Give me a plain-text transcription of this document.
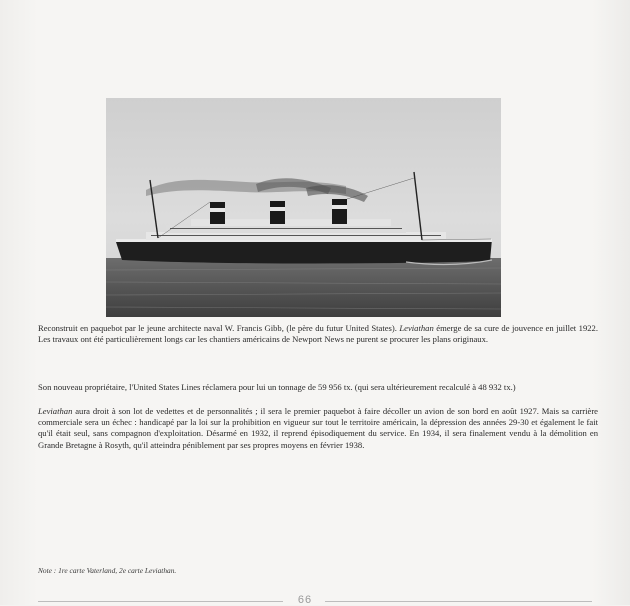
Reconstruit en paquebot par le jeune architecte naval W. Francis Gibb, (le père du futur United States). Leviathan émerge de sa cure de jouvence en juillet 1922. Les travaux ont été particulièrement longs car les chantiers américains de Newport News ne purent se procurer les plans originaux.

Son nouveau propriétaire, l'United States Lines réclamera pour lui un tonnage de 59 956 tx. (qui sera ultérieurement recalculé à 48 932 tx.)

Leviathan aura droit à son lot de vedettes et de personnalités ; il sera le premier paquebot à faire décoller un avion de son bord en août 1927. Mais sa carrière commerciale sera un échec : handicapé par la loi sur la prohibition en vigueur sur tout le territoire américain, la dépression des années 29-30 et également le fait qu'il était seul, sans compagnon d'exploitation. Désarmé en 1932, il reprend épisodiquement du service. En 1934, il sera finalement vendu à la démolition en Grande Bretagne à Rosyth, qu'il atteindra péniblement par ses propres moyens en février 1938.

Note : 1re carte Vaterland, 2e carte Leviathan.
66
